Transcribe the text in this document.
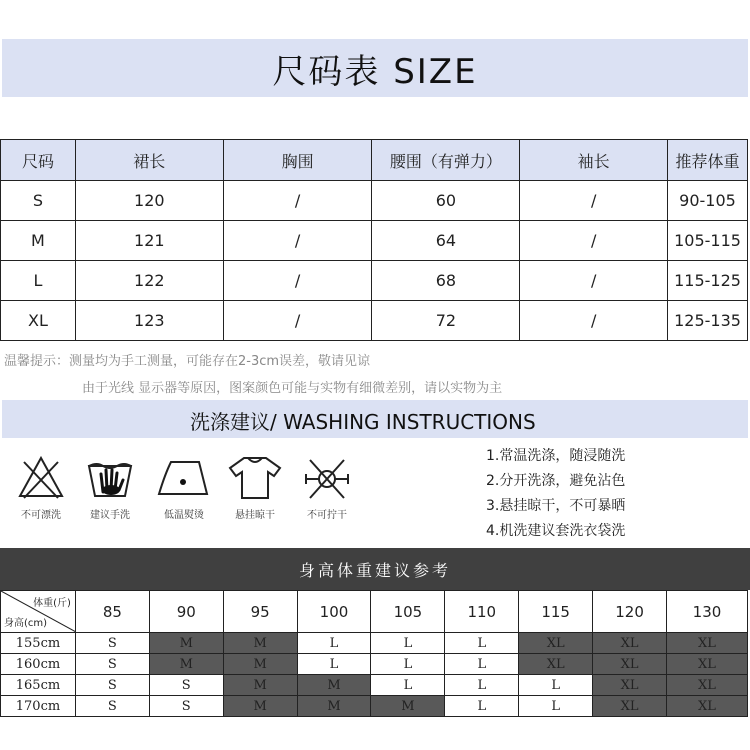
尺码表 SIZE
尺码	裙长	胸围	腰围（有弹力）	袖长	推荐体重
S	120	/	60	/	90-105
M	121	/	64	/	105-115
L	122	/	68	/	115-125
XL	123	/	72	/	125-135
温馨提示：测量均为手工测量，可能存在2-3cm误差，敬请见谅
由于光线 显示器等原因，图案颜色可能与实物有细微差别，请以实物为主
洗涤建议/ WASHING INSTRUCTIONS
不可漂洗	建议手洗	低温熨烫	悬挂晾干	不可拧干
1.常温洗涤，随浸随洗
2.分开洗涤，避免沾色
3.悬挂晾干，不可暴晒
4.机洗建议套洗衣袋洗
身高体重建议参考
体重(斤)
身高(cm)	85	90	95	100	105	110	115	120	130
155cm	S	M	M	L	L	L	XL	XL	XL
160cm	S	M	M	L	L	L	XL	XL	XL
165cm	S	S	M	M	L	L	L	XL	XL
170cm	S	S	M	M	M	L	L	XL	XL
